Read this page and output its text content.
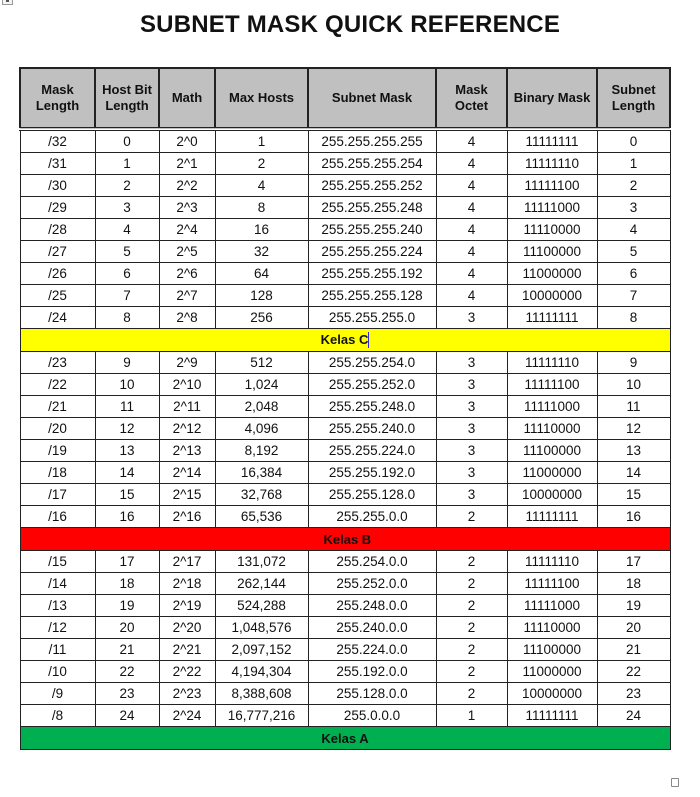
SUBNET MASK QUICK REFERENCE
Mask Length	Host Bit Length	Math	Max Hosts	Subnet Mask	Mask Octet	Binary Mask	Subnet Length
/32	0	2^0	1	255.255.255.255	4	11111111	0
/31	1	2^1	2	255.255.255.254	4	11111110	1
/30	2	2^2	4	255.255.255.252	4	11111100	2
/29	3	2^3	8	255.255.255.248	4	11111000	3
/28	4	2^4	16	255.255.255.240	4	11110000	4
/27	5	2^5	32	255.255.255.224	4	11100000	5
/26	6	2^6	64	255.255.255.192	4	11000000	6
/25	7	2^7	128	255.255.255.128	4	10000000	7
/24	8	2^8	256	255.255.255.0	3	11111111	8
Kelas C							
/23	9	2^9	512	255.255.254.0	3	11111110	9
/22	10	2^10	1,024	255.255.252.0	3	11111100	10
/21	11	2^11	2,048	255.255.248.0	3	11111000	11
/20	12	2^12	4,096	255.255.240.0	3	11110000	12
/19	13	2^13	8,192	255.255.224.0	3	11100000	13
/18	14	2^14	16,384	255.255.192.0	3	11000000	14
/17	15	2^15	32,768	255.255.128.0	3	10000000	15
/16	16	2^16	65,536	255.255.0.0	2	11111111	16
Kelas B							
/15	17	2^17	131,072	255.254.0.0	2	11111110	17
/14	18	2^18	262,144	255.252.0.0	2	11111100	18
/13	19	2^19	524,288	255.248.0.0	2	11111000	19
/12	20	2^20	1,048,576	255.240.0.0	2	11110000	20
/11	21	2^21	2,097,152	255.224.0.0	2	11100000	21
/10	22	2^22	4,194,304	255.192.0.0	2	11000000	22
/9	23	2^23	8,388,608	255.128.0.0	2	10000000	23
/8	24	2^24	16,777,216	255.0.0.0	1	11111111	24
Kelas A							
